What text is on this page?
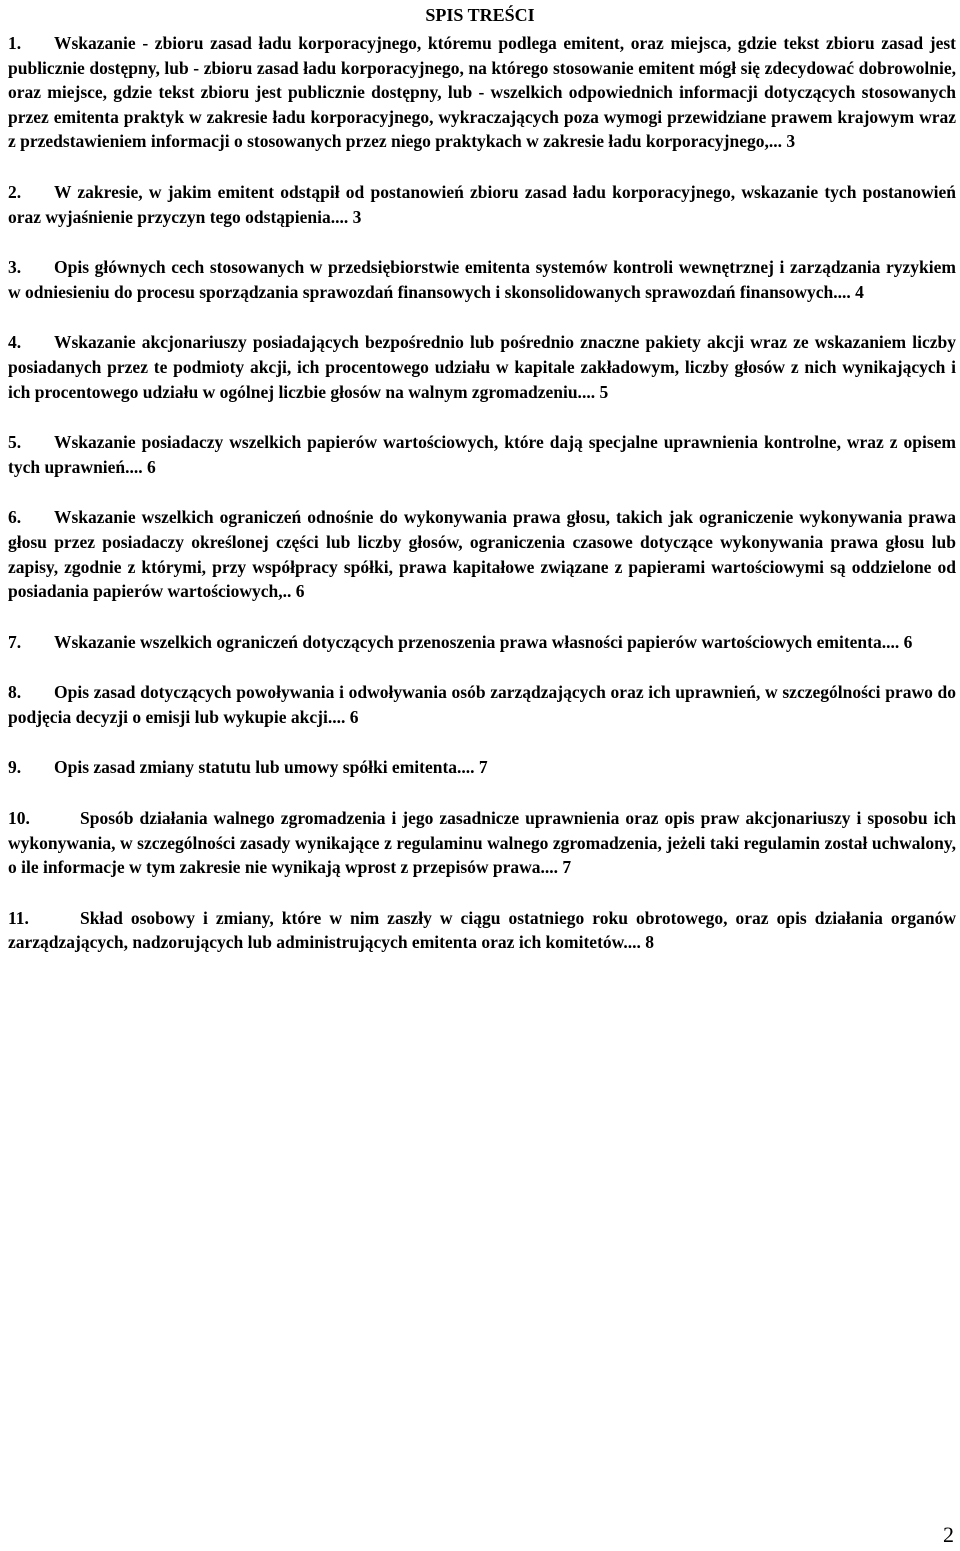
SPIS TREŚCI

1. Wskazanie - zbioru zasad ładu korporacyjnego, któremu podlega emitent, oraz miejsca, gdzie tekst zbioru zasad jest publicznie dostępny, lub - zbioru zasad ładu korporacyjnego, na którego stosowanie emitent mógł się zdecydować dobrowolnie, oraz miejsce, gdzie tekst zbioru jest publicznie dostępny, lub - wszelkich odpowiednich informacji dotyczących stosowanych przez emitenta praktyk w zakresie ładu korporacyjnego, wykraczających poza wymogi przewidziane prawem krajowym wraz z przedstawieniem informacji o stosowanych przez niego praktykach w zakresie ładu korporacyjnego,... 3

2. W zakresie, w jakim emitent odstąpił od postanowień zbioru zasad ładu korporacyjnego, wskazanie tych postanowień oraz wyjaśnienie przyczyn tego odstąpienia.... 3

3. Opis głównych cech stosowanych w przedsiębiorstwie emitenta systemów kontroli wewnętrznej i zarządzania ryzykiem w odniesieniu do procesu sporządzania sprawozdań finansowych i skonsolidowanych sprawozdań finansowych.... 4

4. Wskazanie akcjonariuszy posiadających bezpośrednio lub pośrednio znaczne pakiety akcji wraz ze wskazaniem liczby posiadanych przez te podmioty akcji, ich procentowego udziału w kapitale zakładowym, liczby głosów z nich wynikających i ich procentowego udziału w ogólnej liczbie głosów na walnym zgromadzeniu.... 5

5. Wskazanie posiadaczy wszelkich papierów wartościowych, które dają specjalne uprawnienia kontrolne, wraz z opisem tych uprawnień.... 6

6. Wskazanie wszelkich ograniczeń odnośnie do wykonywania prawa głosu, takich jak ograniczenie wykonywania prawa głosu przez posiadaczy określonej części lub liczby głosów, ograniczenia czasowe dotyczące wykonywania prawa głosu lub zapisy, zgodnie z którymi, przy współpracy spółki, prawa kapitałowe związane z papierami wartościowymi są oddzielone od posiadania papierów wartościowych,.. 6

7. Wskazanie wszelkich ograniczeń dotyczących przenoszenia prawa własności papierów wartościowych emitenta.... 6

8. Opis zasad dotyczących powoływania i odwoływania osób zarządzających oraz ich uprawnień, w szczególności prawo do podjęcia decyzji o emisji lub wykupie akcji.... 6

9. Opis zasad zmiany statutu lub umowy spółki emitenta.... 7

10.	Sposób działania walnego zgromadzenia i jego zasadnicze uprawnienia oraz opis praw akcjonariuszy i sposobu ich wykonywania, w szczególności zasady wynikające z regulaminu walnego zgromadzenia, jeżeli taki regulamin został uchwalony, o ile informacje w tym zakresie nie wynikają wprost z przepisów prawa.... 7

11.	Skład osobowy i zmiany, które w nim zaszły w ciągu ostatniego roku obrotowego, oraz opis działania organów zarządzających, nadzorujących lub administrujących emitenta oraz ich komitetów.... 8

2
